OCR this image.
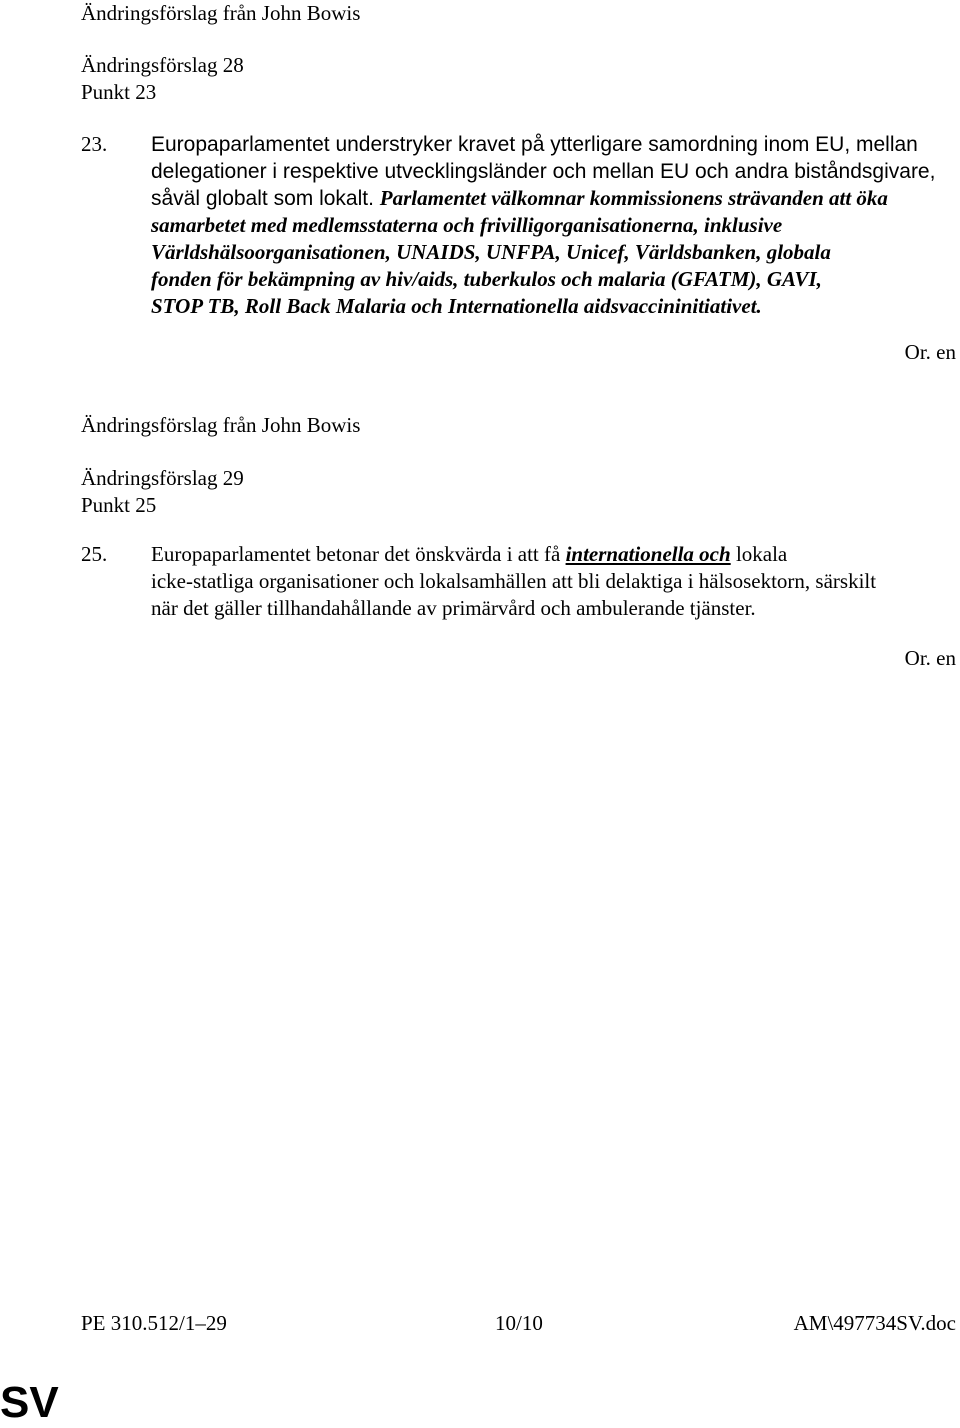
Ändringsförslag från John Bowis
Ändringsförslag 28
Punkt 23
23. Europaparlamentet understryker kravet på ytterligare samordning inom EU, mellan
delegationer i respektive utvecklingsländer och mellan EU och andra biståndsgivare,
såväl globalt som lokalt. Parlamentet välkomnar kommissionens strävanden att öka
samarbetet med medlemsstaterna och frivilligorganisationerna, inklusive
Världshälsoorganisationen, UNAIDS, UNFPA, Unicef, Världsbanken, globala
fonden för bekämpning av hiv/aids, tuberkulos och malaria (GFATM), GAVI,
STOP TB, Roll Back Malaria och Internationella aidsvaccininitiativet.
Or. en
Ändringsförslag från John Bowis
Ändringsförslag 29
Punkt 25
25. Europaparlamentet betonar det önskvärda i att få internationella och lokala
icke-statliga organisationer och lokalsamhällen att bli delaktiga i hälsosektorn, särskilt
när det gäller tillhandahållande av primärvård och ambulerande tjänster.
Or. en
PE 310.512/1–29	10/10	AM\497734SV.doc
SV
